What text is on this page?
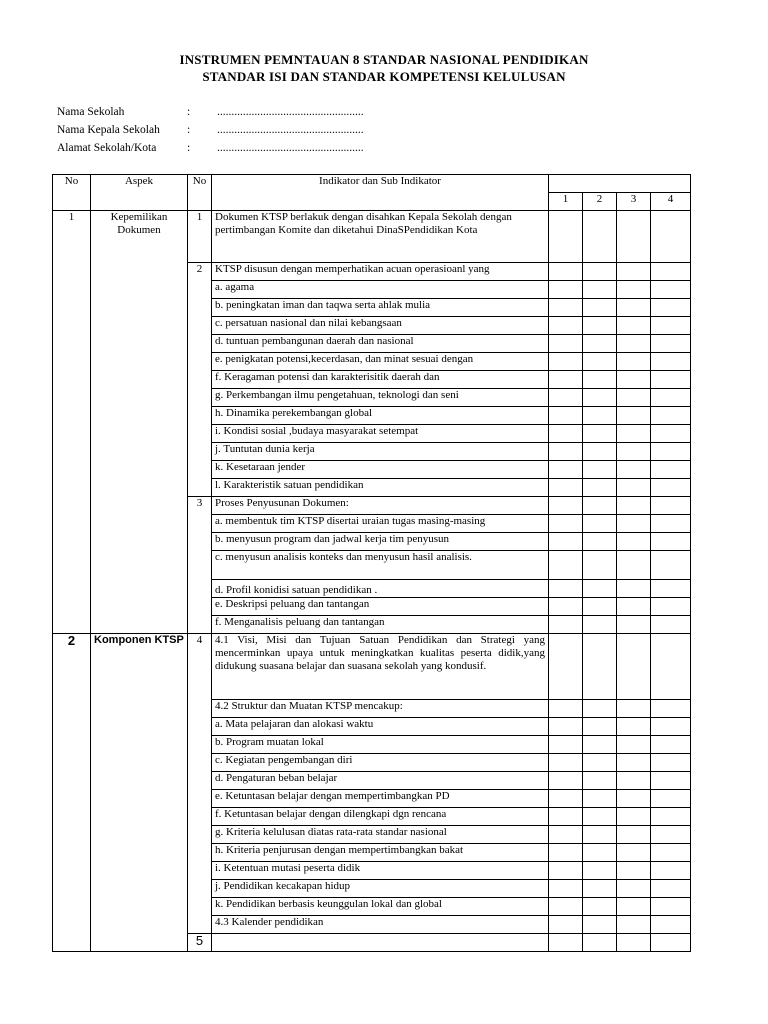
INSTRUMEN PEMNTAUAN 8 STANDAR NASIONAL PENDIDIKAN
STANDAR ISI DAN STANDAR KOMPETENSI KELULUSAN
Nama Sekolah	: ...................................................
Nama Kepala Sekolah : ...................................................
Alamat Sekolah/Kota	: ...................................................
No	Aspek	No	Indikator dan Sub Indikator				
				1	2	3	4
1	Kepemilikan Dokumen	1	Dokumen KTSP berlakuk dengan disahkan Kepala Sekolah dengan pertimbangan Komite dan diketahui DinaSPendidikan Kota				
		2	KTSP disusun dengan memperhatikan acuan operasioanl yang				
			a. agama				
			b. peningkatan iman dan taqwa serta ahlak mulia				
			c. persatuan nasional dan nilai kebangsaan				
			d. tuntuan pembangunan daerah dan nasional				
			e. penigkatan potensi,kecerdasan, dan minat sesuai dengan				
			f. Keragaman potensi dan karakterisitik daerah dan				
			g. Perkembangan ilmu pengetahuan, teknologi dan seni				
			h. Dinamika perekembangan global				
			i. Kondisi sosial ,budaya masyarakat setempat				
			j. Tuntutan dunia kerja				
			k. Kesetaraan jender				
			l. Karakteristik satuan pendidikan				
		3	Proses Penyusunan Dokumen:				
			a. membentuk tim KTSP disertai uraian tugas masing-masing				
			b. menyusun program dan jadwal kerja tim penyusun				
			c. menyusun analisis konteks dan menyusun hasil analisis.				
			d. Profil konidisi satuan pendidikan .				
			e. Deskripsi peluang dan tantangan				
			f. Menganalisis peluang dan tantangan				
2	Komponen KTSP	4	4.1 Visi, Misi dan Tujuan Satuan Pendidikan dan Strategi yang mencerminkan upaya untuk meningkatkan kualitas peserta didik,yang didukung suasana belajar dan suasana sekolah yang kondusif.				
			4.2 Struktur dan Muatan KTSP mencakup:				
			a. Mata pelajaran dan alokasi waktu				
			b. Program muatan lokal				
			c. Kegiatan pengembangan diri				
			d. Pengaturan beban belajar				
			e. Ketuntasan belajar dengan mempertimbangkan PD				
			f. Ketuntasan belajar dengan dilengkapi dgn rencana				
			g. Kriteria kelulusan diatas rata-rata standar nasional				
			h. Kriteria penjurusan dengan mempertimbangkan bakat				
			i. Ketentuan mutasi peserta didik				
			j. Pendidikan kecakapan hidup				
			k. Pendidikan berbasis keunggulan lokal dan global				
			4.3 Kalender pendidikan				
		5					
